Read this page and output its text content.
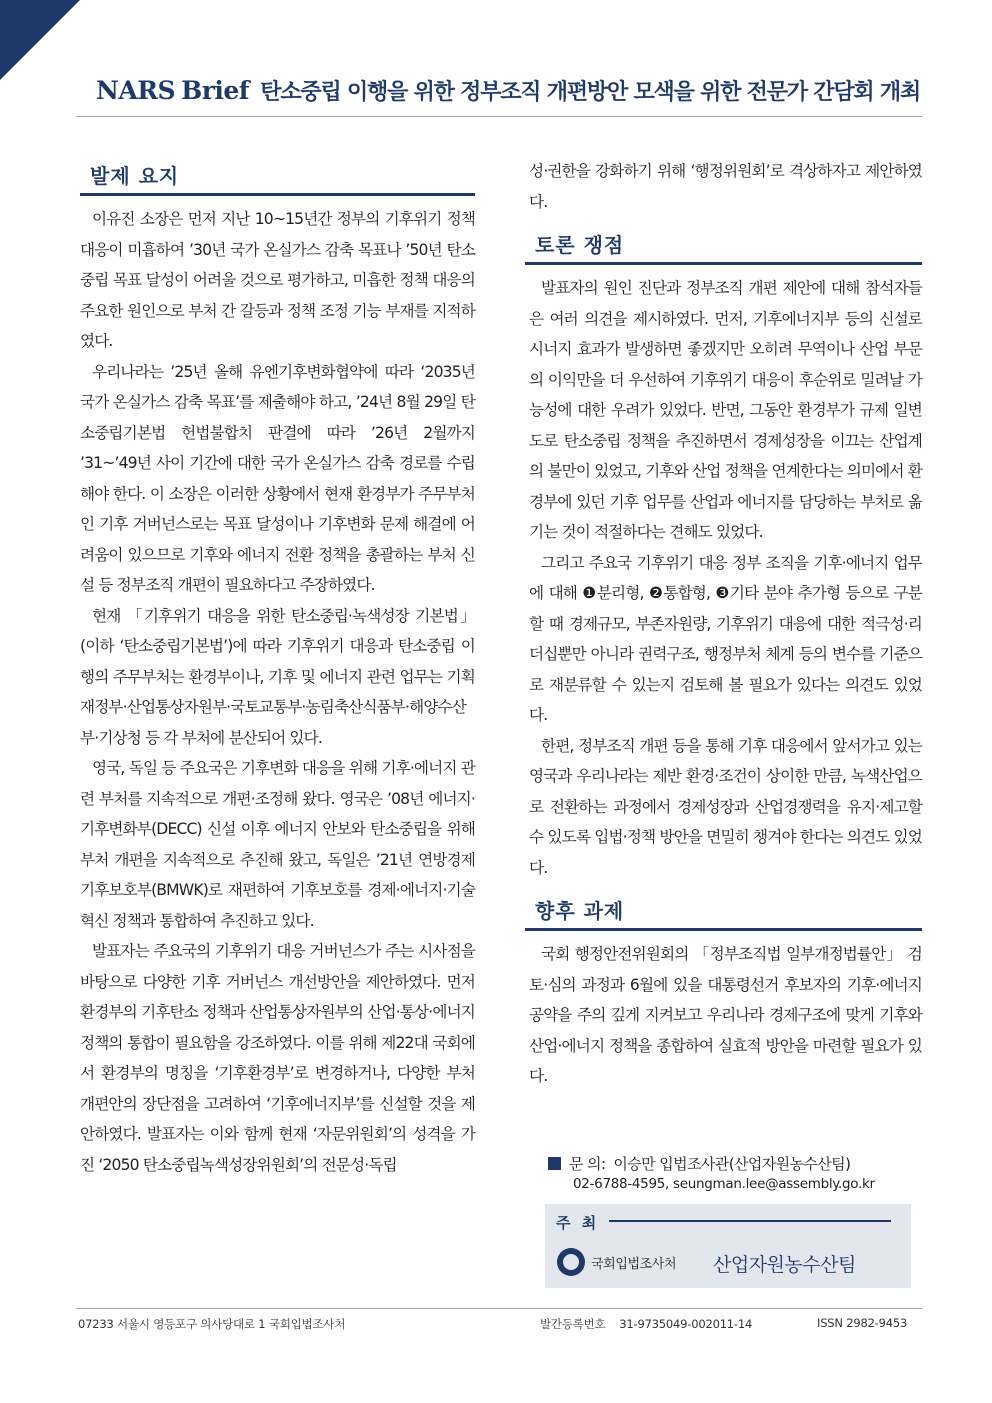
NARS Brief 탄소중립 이행을 위한 정부조직 개편방안 모색을 위한 전문가 간담회 개최
발제 요지

이유진 소장은 먼저 지난 10~15년간 정부의 기후위기 정책 대응이 미흡하여 ’30년 국가 온실가스 감축 목표나 ’50년 탄소중립 목표 달성이 어려울 것으로 평가하고, 미흡한 정책 대응의 주요한 원인으로 부처 간 갈등과 정책 조정 기능 부재를 지적하였다.

우리나라는 ’25년 올해 유엔기후변화협약에 따라 ‘2035년 국가 온실가스 감축 목표’를 제출해야 하고, ’24년 8월 29일 탄소중립기본법 헌법불합치 판결에 따라 ’26년 2월까지 ’31~’49년 사이 기간에 대한 국가 온실가스 감축 경로를 수립해야 한다. 이 소장은 이러한 상황에서 현재 환경부가 주무부처인 기후 거버넌스로는 목표 달성이나 기후변화 문제 해결에 어려움이 있으므로 기후와 에너지 전환 정책을 총괄하는 부처 신설 등 정부조직 개편이 필요하다고 주장하였다.

현재 「기후위기 대응을 위한 탄소중립·녹색성장 기본법」(이하 ‘탄소중립기본법’)에 따라 기후위기 대응과 탄소중립 이행의 주무부처는 환경부이나, 기후 및 에너지 관련 업무는 기획재정부·산업통상자원부·국토교통부·농림축산식품부·해양수산부·기상청 등 각 부처에 분산되어 있다.

영국, 독일 등 주요국은 기후변화 대응을 위해 기후·에너지 관련 부처를 지속적으로 개편·조정해 왔다. 영국은 ’08년 에너지·기후변화부(DECC) 신설 이후 에너지 안보와 탄소중립을 위해 부처 개편을 지속적으로 추진해 왔고, 독일은 ’21년 연방경제기후보호부(BMWK)로 재편하여 기후보호를 경제·에너지·기술혁신 정책과 통합하여 추진하고 있다.

발표자는 주요국의 기후위기 대응 거버넌스가 주는 시사점을 바탕으로 다양한 기후 거버넌스 개선방안을 제안하였다. 먼저 환경부의 기후탄소 정책과 산업통상자원부의 산업·통상·에너지 정책의 통합이 필요함을 강조하였다. 이를 위해 제22대 국회에서 환경부의 명칭을 ‘기후환경부’로 변경하거나, 다양한 부처 개편안의 장단점을 고려하여 ‘기후에너지부’를 신설할 것을 제안하였다. 발표자는 이와 함께 현재 ‘자문위원회’의 성격을 가진 ‘2050 탄소중립녹색성장위원회’의 전문성·독립

성·권한을 강화하기 위해 ‘행정위원회’로 격상하자고 제안하였다.

토론 쟁점

발표자의 원인 진단과 정부조직 개편 제안에 대해 참석자들은 여러 의견을 제시하였다. 먼저, 기후에너지부 등의 신설로 시너지 효과가 발생하면 좋겠지만 오히려 무역이나 산업 부문의 이익만을 더 우선하여 기후위기 대응이 후순위로 밀려날 가능성에 대한 우려가 있었다. 반면, 그동안 환경부가 규제 일변도로 탄소중립 정책을 추진하면서 경제성장을 이끄는 산업계의 불만이 있었고, 기후와 산업 정책을 연계한다는 의미에서 환경부에 있던 기후 업무를 산업과 에너지를 담당하는 부처로 옮기는 것이 적절하다는 견해도 있었다.

그리고 주요국 기후위기 대응 정부 조직을 기후·에너지 업무에 대해 ❶분리형, ❷통합형, ❸기타 분야 추가형 등으로 구분할 때 경제규모, 부존자원량, 기후위기 대응에 대한 적극성·리더십뿐만 아니라 권력구조, 행정부처 체계 등의 변수를 기준으로 재분류할 수 있는지 검토해 볼 필요가 있다는 의견도 있었다.

한편, 정부조직 개편 등을 통해 기후 대응에서 앞서가고 있는 영국과 우리나라는 제반 환경·조건이 상이한 만큼, 녹색산업으로 전환하는 과정에서 경제성장과 산업경쟁력을 유지·제고할 수 있도록 입법·정책 방안을 면밀히 챙겨야 한다는 의견도 있었다.

향후 과제

국회 행정안전위원회의 「정부조직법 일부개정법률안」 검토·심의 과정과 6월에 있을 대통령선거 후보자의 기후·에너지 공약을 주의 깊게 지켜보고 우리나라 경제구조에 맞게 기후와 산업·에너지 정책을 종합하여 실효적 방안을 마련할 필요가 있다.

문 의: 이승만 입법조사관(산업자원농수산팀)
02-6788-4595, seungman.lee@assembly.go.kr
주 최
국회입법조사처 산업자원농수산팀
07233 서울시 영등포구 의사당대로 1 국회입법조사처	발간등록번호    31-9735049-002011-14	ISSN 2982-9453
